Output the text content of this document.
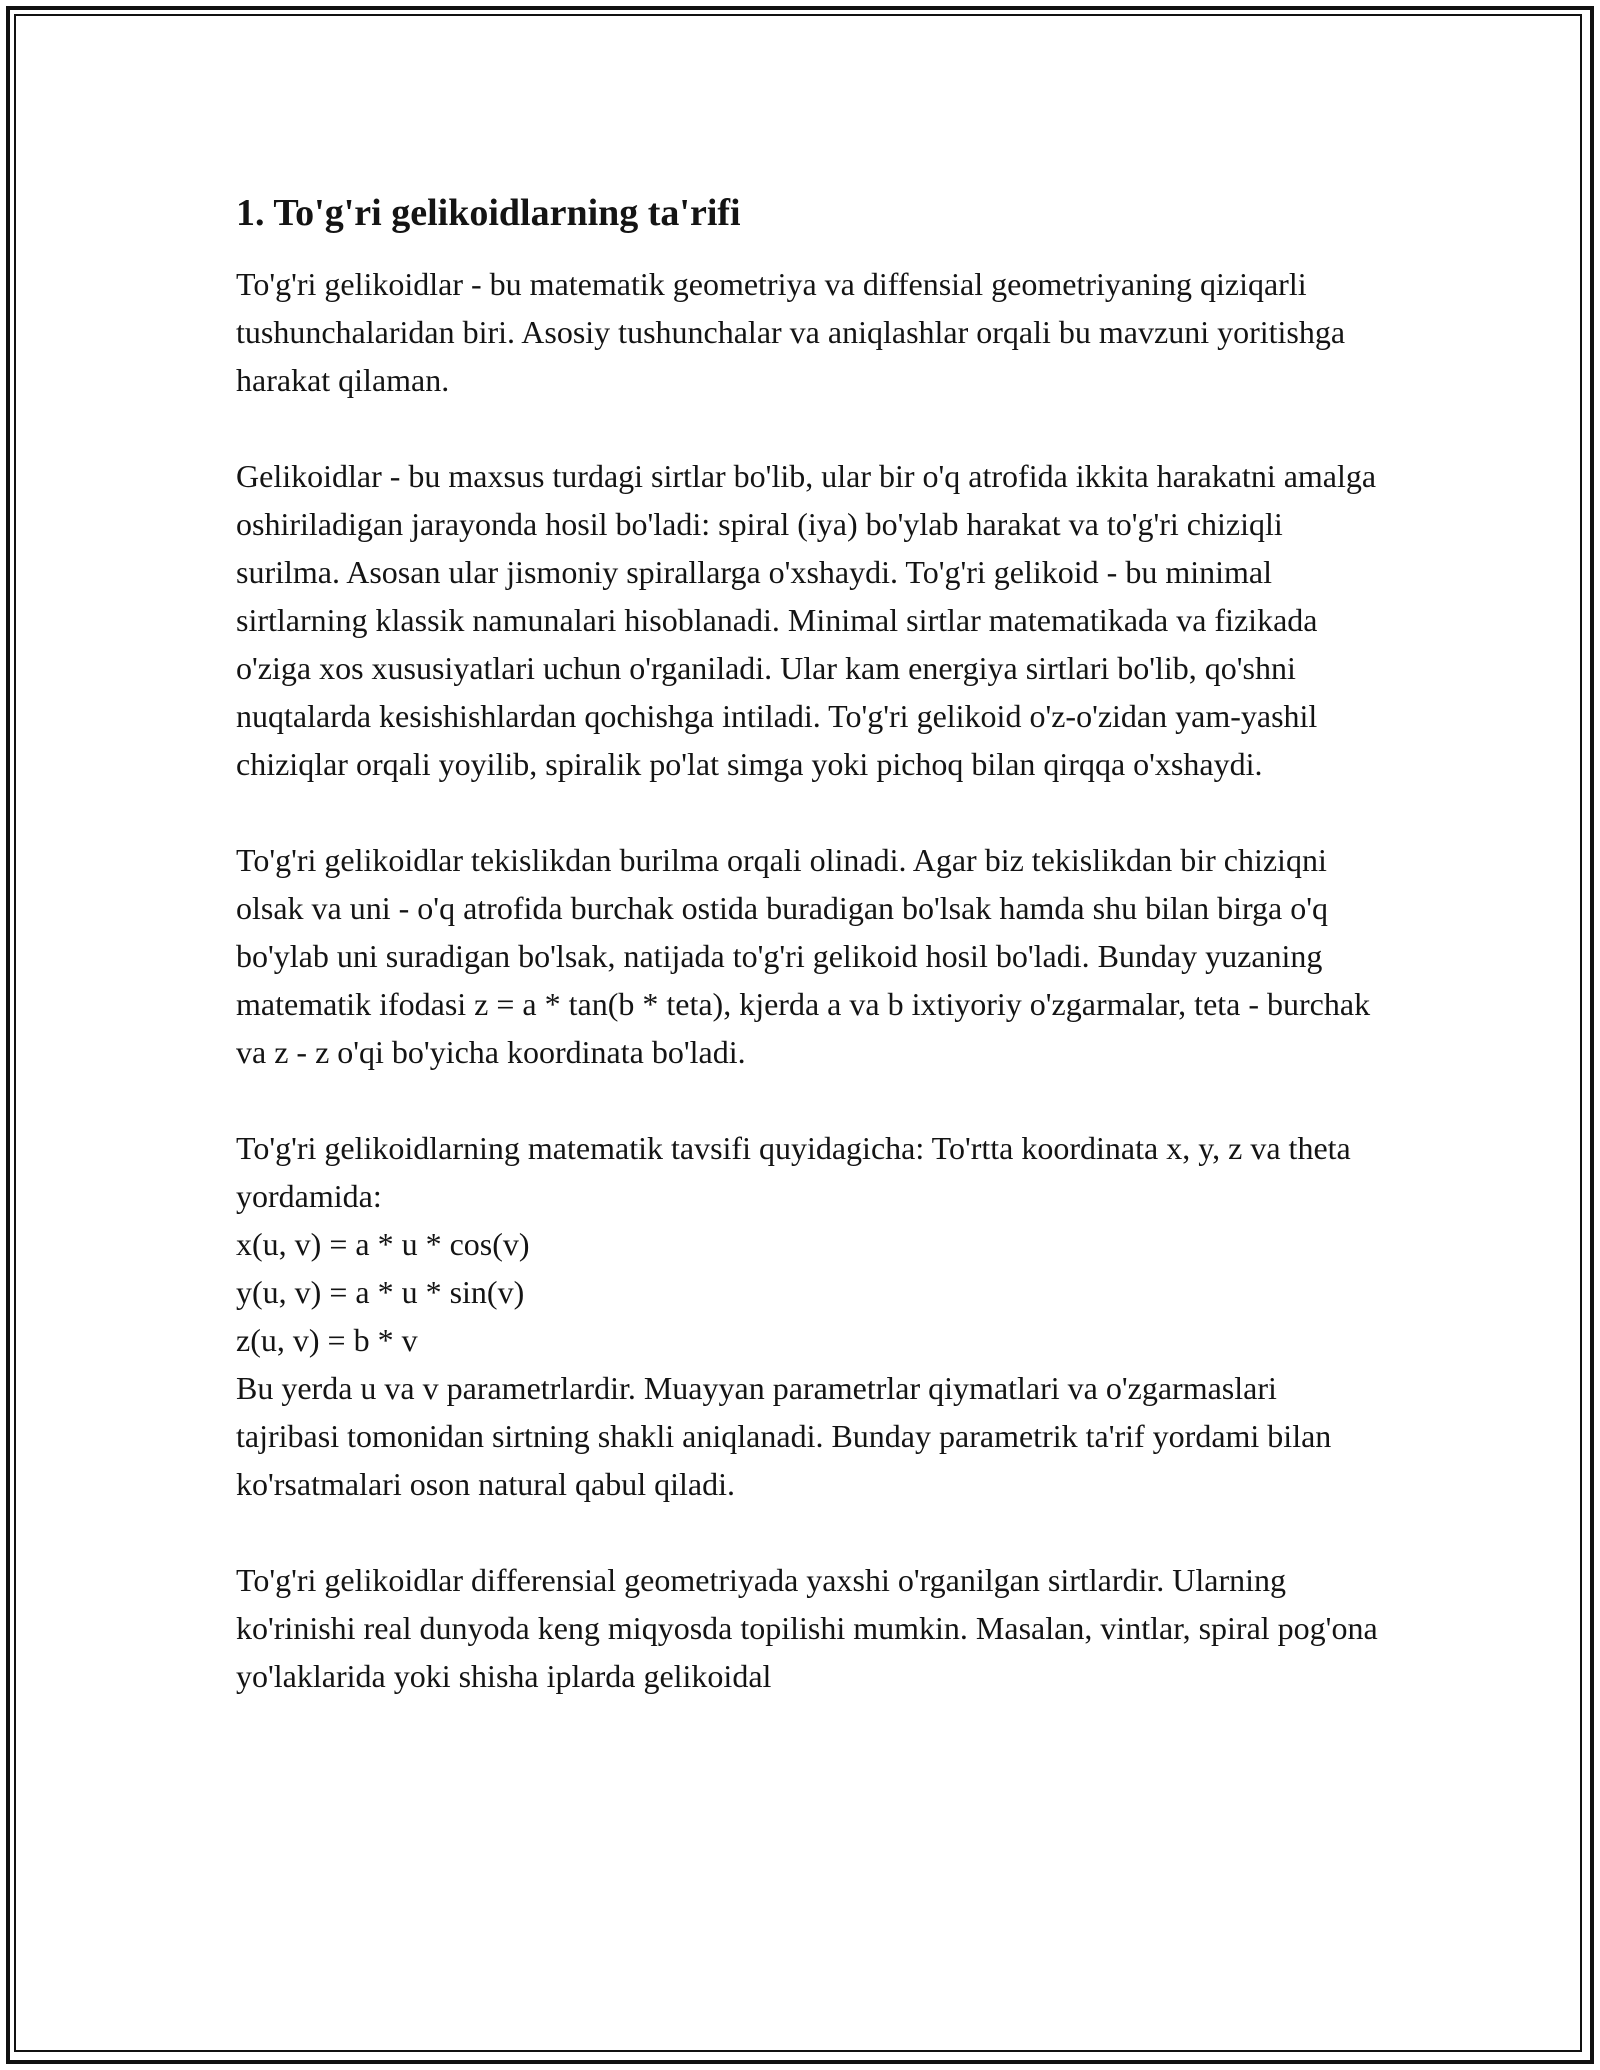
1. To'g'ri gelikoidlarning ta'rifi

To'g'ri gelikoidlar - bu matematik geometriya va diffensial geometriyaning qiziqarli tushunchalaridan biri. Asosiy tushunchalar va aniqlashlar orqali bu mavzuni yoritishga harakat qilaman.

Gelikoidlar - bu maxsus turdagi sirtlar bo'lib, ular bir o'q atrofida ikkita harakatni amalga oshiriladigan jarayonda hosil bo'ladi: spiral (iya) bo'ylab harakat va to'g'ri chiziqli surilma. Asosan ular jismoniy spirallarga o'xshaydi. To'g'ri gelikoid - bu minimal sirtlarning klassik namunalari hisoblanadi. Minimal sirtlar matematikada va fizikada o'ziga xos xususiyatlari uchun o'rganiladi. Ular kam energiya sirtlari bo'lib, qo'shni nuqtalarda kesishishlardan qochishga intiladi. To'g'ri gelikoid o'z-o'zidan yam-yashil chiziqlar orqali yoyilib, spiralik po'lat simga yoki pichoq bilan qirqqa o'xshaydi.

To'g'ri gelikoidlar tekislikdan burilma orqali olinadi. Agar biz tekislikdan bir chiziqni olsak va uni - o'q atrofida burchak ostida buradigan bo'lsak hamda shu bilan birga o'q bo'ylab uni suradigan bo'lsak, natijada to'g'ri gelikoid hosil bo'ladi. Bunday yuzaning matematik ifodasi z = a * tan(b * teta), kjerda a va b ixtiyoriy o'zgarmalar, teta - burchak va z - z o'qi bo'yicha koordinata bo'ladi.

To'g'ri gelikoidlarning matematik tavsifi quyidagicha: To'rtta koordinata x, y, z va theta yordamida:

x(u, v) = a * u * cos(v)
y(u, v) = a * u * sin(v)
z(u, v) = b * v

Bu yerda u va v parametrlardir. Muayyan parametrlar qiymatlari va o'zgarmaslari tajribasi tomonidan sirtning shakli aniqlanadi. Bunday parametrik ta'rif yordami bilan ko'rsatmalari oson natural qabul qiladi.

To'g'ri gelikoidlar differensial geometriyada yaxshi o'rganilgan sirtlardir. Ularning ko'rinishi real dunyoda keng miqyosda topilishi mumkin. Masalan, vintlar, spiral pog'ona yo'laklarida yoki shisha iplarda gelikoidal
